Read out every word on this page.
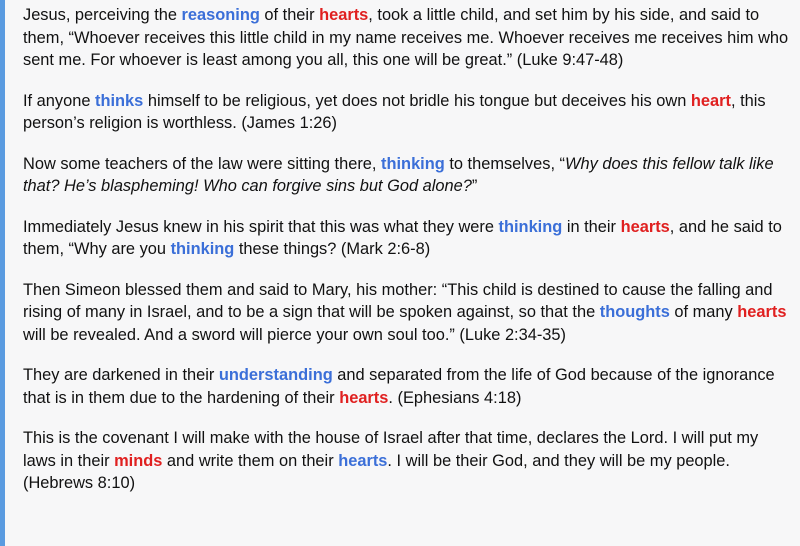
Jesus, perceiving the reasoning of their hearts, took a little child, and set him by his side, and said to them, “Whoever receives this little child in my name receives me. Whoever receives me receives him who sent me. For whoever is least among you all, this one will be great.” (Luke 9:47-48)

If anyone thinks himself to be religious, yet does not bridle his tongue but deceives his own heart, this person’s religion is worthless. (James 1:26)

Now some teachers of the law were sitting there, thinking to themselves, “Why does this fellow talk like that? He’s blaspheming! Who can forgive sins but God alone?”

Immediately Jesus knew in his spirit that this was what they were thinking in their hearts, and he said to them, “Why are you thinking these things? (Mark 2:6-8)

Then Simeon blessed them and said to Mary, his mother: “This child is destined to cause the falling and rising of many in Israel, and to be a sign that will be spoken against, so that the thoughts of many hearts will be revealed. And a sword will pierce your own soul too.” (Luke 2:34-35)

They are darkened in their understanding and separated from the life of God because of the ignorance that is in them due to the hardening of their hearts. (Ephesians 4:18)

This is the covenant I will make with the house of Israel after that time, declares the Lord. I will put my laws in their minds and write them on their hearts. I will be their God, and they will be my people. (Hebrews 8:10)
